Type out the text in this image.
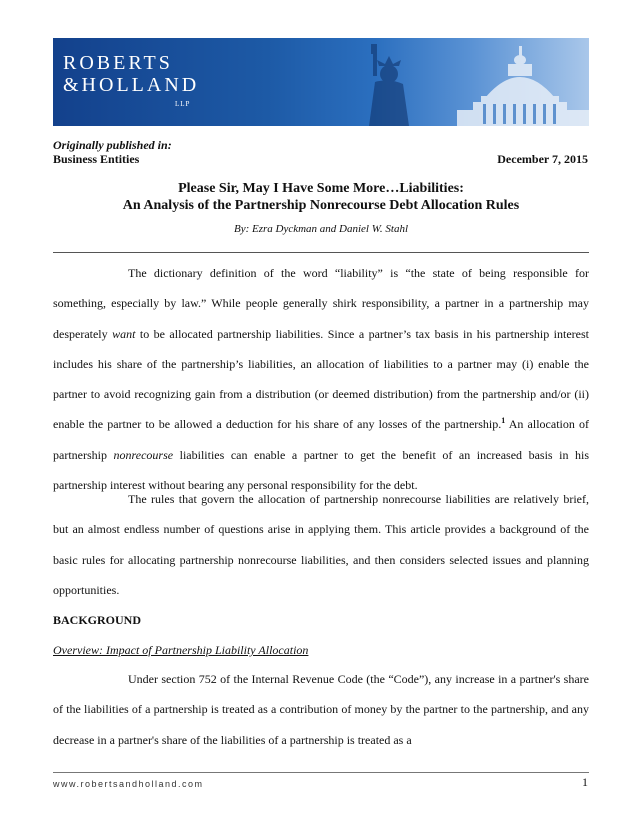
ROBERTS
&HOLLAND
LLP
Originally published in:
Business Entities	December 7, 2015
Please Sir, May I Have Some More…Liabilities:
An Analysis of the Partnership Nonrecourse Debt Allocation Rules
By: Ezra Dyckman and Daniel W. Stahl

The dictionary definition of the word “liability” is “the state of being responsible for something, especially by law.” While people generally shirk responsibility, a partner in a partnership may desperately want to be allocated partnership liabilities. Since a partner’s tax basis in his partnership interest includes his share of the partnership’s liabilities, an allocation of liabilities to a partner may (i) enable the partner to avoid recognizing gain from a distribution (or deemed distribution) from the partnership and/or (ii) enable the partner to be allowed a deduction for his share of any losses of the partnership.$^1$ An allocation of partnership nonrecourse liabilities can enable a partner to get the benefit of an increased basis in his partnership interest without bearing any personal responsibility for the debt.

The rules that govern the allocation of partnership nonrecourse liabilities are relatively brief, but an almost endless number of questions arise in applying them. This article provides a background of the basic rules for allocating partnership nonrecourse liabilities, and then considers selected issues and planning opportunities.

BACKGROUND
Overview: Impact of Partnership Liability Allocation

Under section 752 of the Internal Revenue Code (the “Code”), any increase in a partner's share of the liabilities of a partnership is treated as a contribution of money by the partner to the partnership, and any decrease in a partner's share of the liabilities of a partnership is treated as a

www.robertsandholland.com	1
